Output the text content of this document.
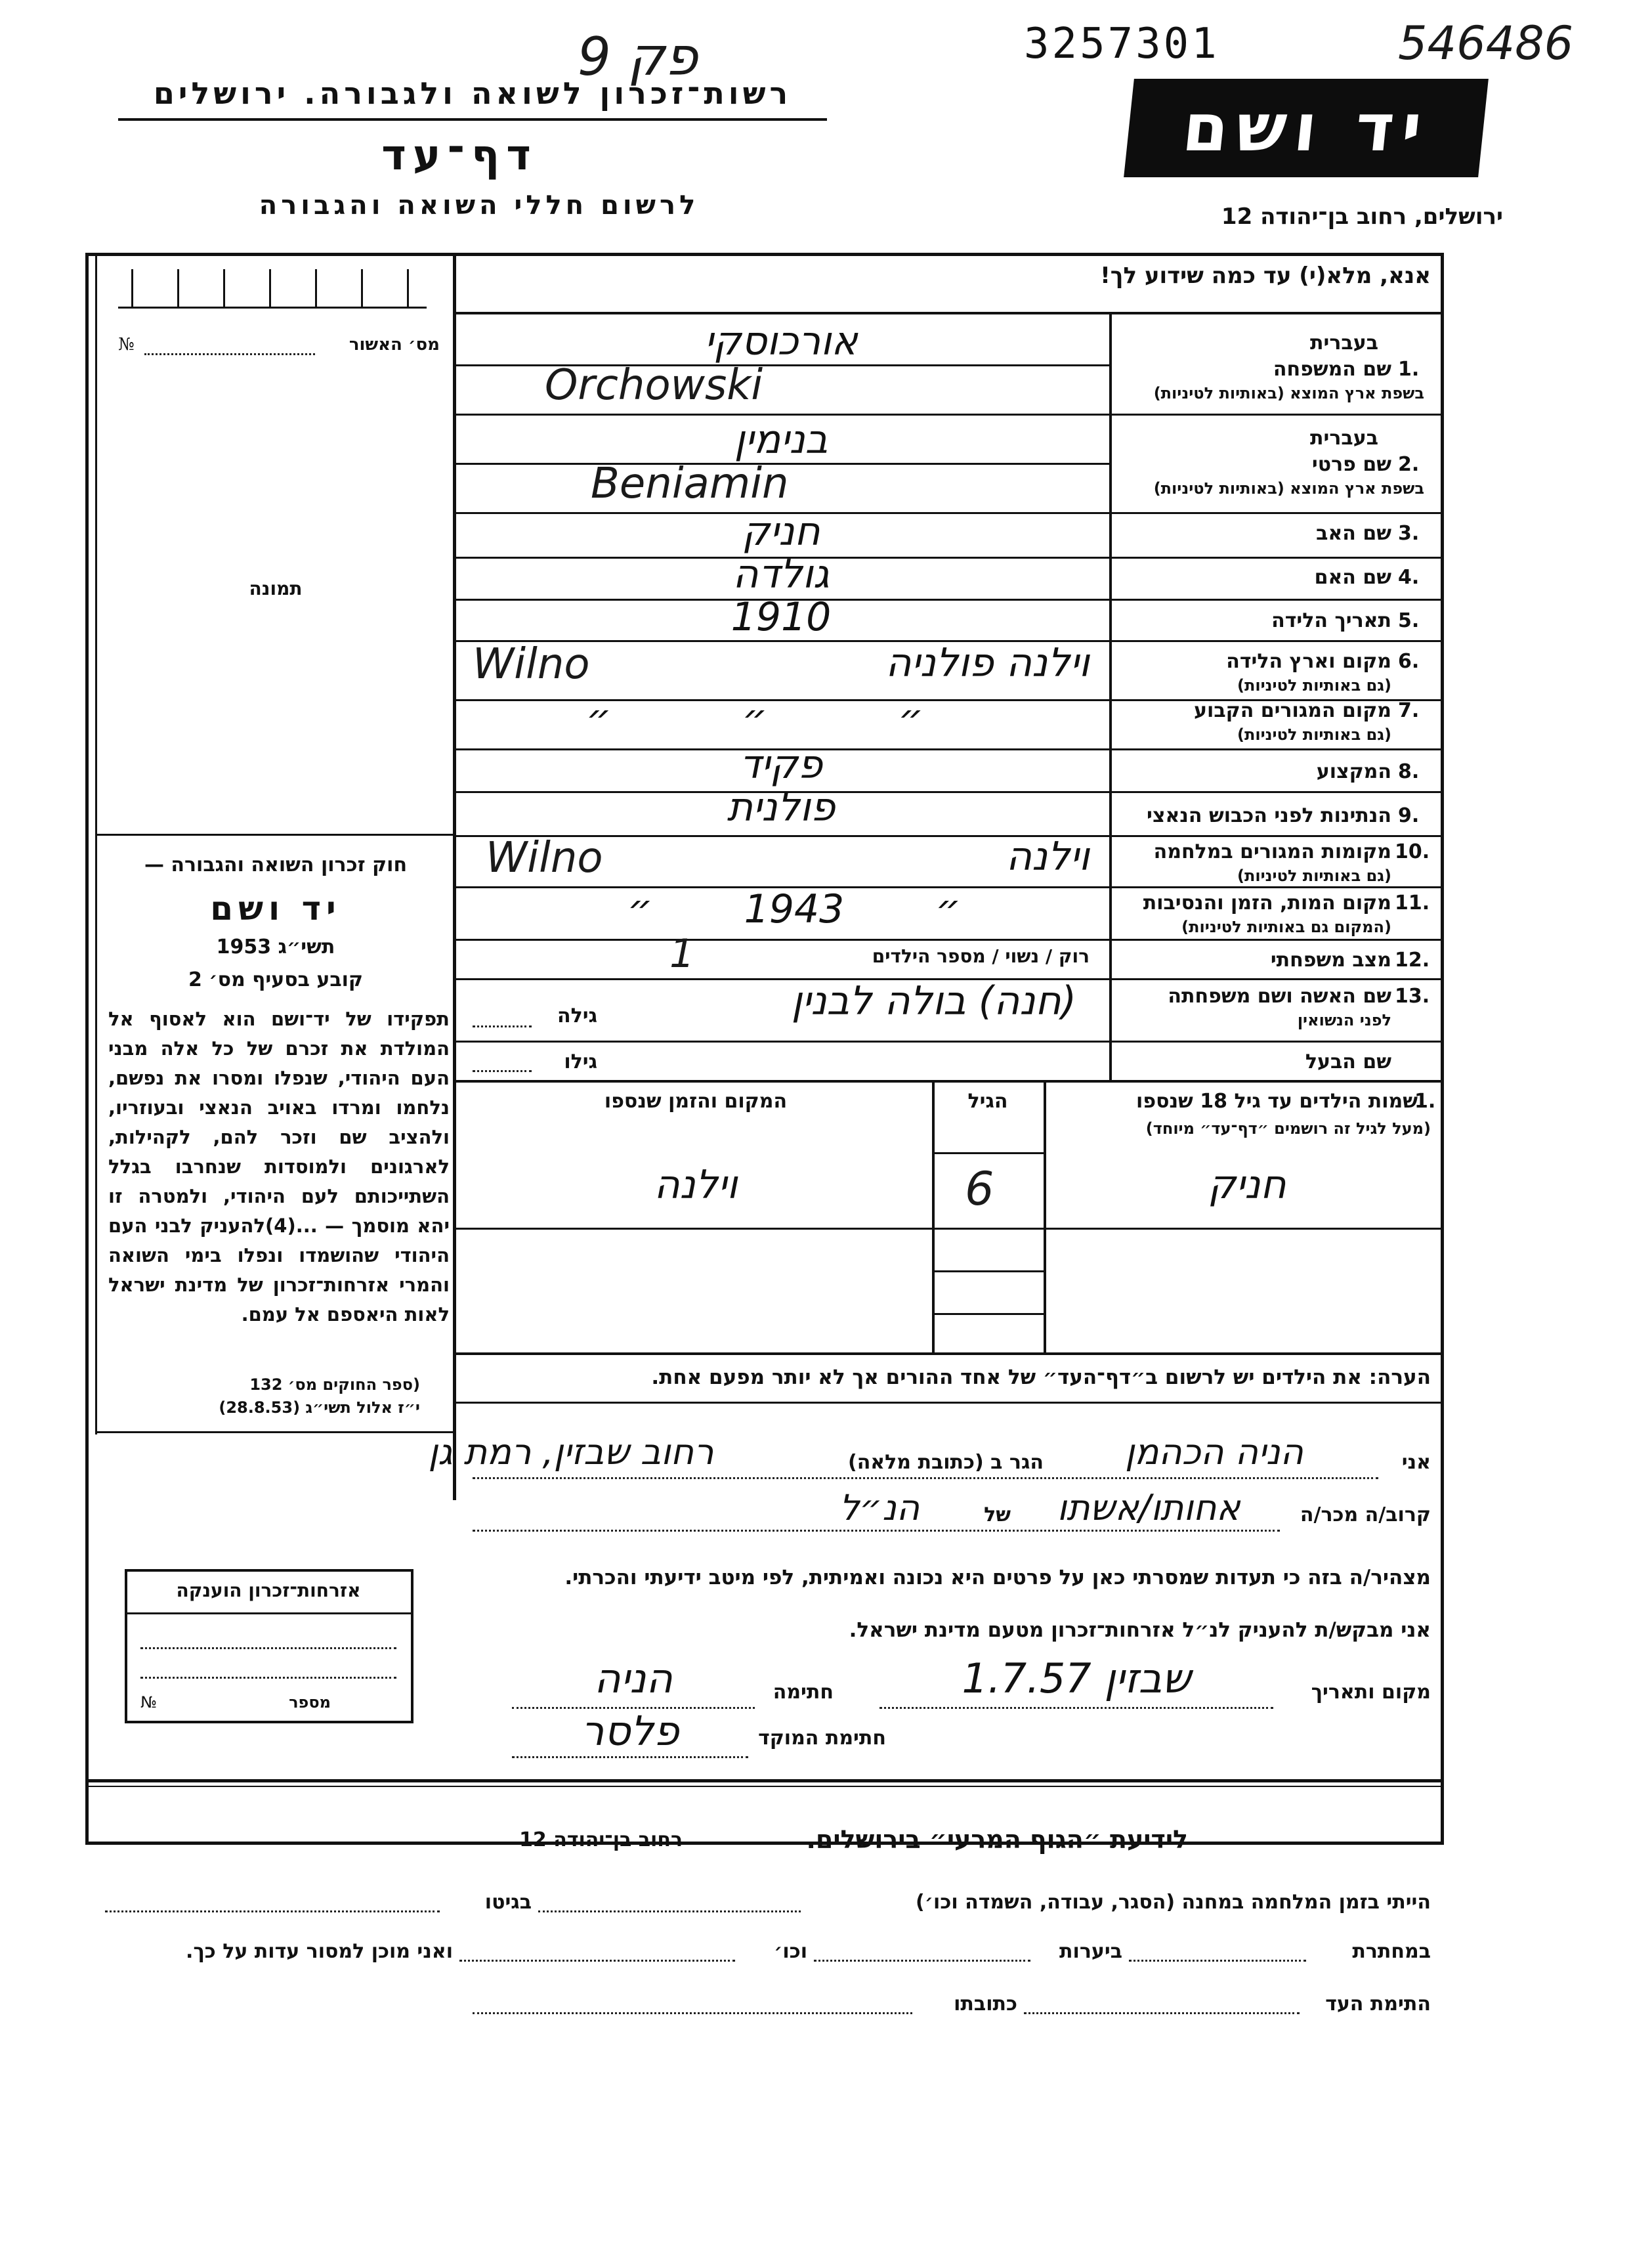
פק 9	3257301	546486
רשות־זכרון לשואה ולגבורה. ירושלים
דף־עד
לרשום חללי השואה והגבורה
יד ושם
ירושלים, רחוב בן־יהודה 12
אנא, מלא(י) עד כמה שידוע לך!
מס׳ האשור
№
תמונה
חוק זכרון השואה והגבורה —
יד ושם
תשי״ג 1953
קובע בסעיף מס׳ 2
תפקידו של יד־ושם הוא לאסוף אל המולדת את זכרם של כל אלה מבני העם היהודי, שנפלו ומסרו את נפשם, נלחמו ומרדו באויב הנאצי ובעוזריו, ולהציב שם וזכר להם, לקהילות, לארגונים ולמוסדות שנחרבו בגלל השתייכותם לעם היהודי, ולמטרה זו יהא מוסמך — ...(4)להעניק לבני העם היהודי שהושמדו ונפלו בימי השואה והמרי אזרחות־זכרון של מדינת ישראל לאות היאספם אל עמם.
(ספר החוקים מס׳ 132
י״ז אלול תשי״ג (28.8.53)
אזרחות־זכרון הוענקה
מספר
№
1.
בעברית
שם המשפחה
בשפת ארץ המוצא (באותיות לטיניות)
אורכוסקי
Orchowski
2.
בעברית
שם פרטי
בשפת ארץ המוצא (באותיות לטיניות)
בנימין
Beniamin
3.
שם האב
חניק
4.
שם האם
גולדה
5.
תאריך הלידה
1910
6.
מקום וארץ הלידה
(גם באותיות לטיניות)
וילנה פולניה
Wilno
7.
מקום המגורים הקבוע
(גם באותיות לטיניות)
״ ״ ״
8.
המקצוע
פקיד
9.
הנתינות לפני הכבוש הנאצי
פולנית
10.
מקומות המגורים במלחמה
(גם באותיות לטיניות)
וילנה
Wilno
11.
מקום המות, הזמן והנסיבות
(המקום גם באותיות לטיניות)
״ 1943 ״
12.
מצב משפחתי
רוק / נשוי / מספר הילדים
1
13.
שם האשה ושם משפחתה
לפני הנשואין
(חנה) בולה לבנין
גילה
שם הבעל
גילו
1.
שמות הילדים עד גיל 18 שנספו
(מעל לגיל זה רושמים ״דף־עד״ מיוחד)
הגיל
המקום והזמן שנספו
חניק
6
וילנה
הערה: את הילדים יש לרשום ב״דף־העד״ של אחד ההורים אך לא יותר מפעם אחת.
אני
הניה הכהמן
הגר ב (כתובת מלאה)
רחוב שבזין, רמת גן
קרוב/ה מכר/ה
אחותו/אשתו
של
הנ״ל
מצהיר/ה בזה כי תעדות שמסרתי כאן על פרטים היא נכונה ואמיתית, לפי מיטב ידיעתי והכרתי.
אני מבקש/ת להעניק לנ״ל אזרחות־זכרון מטעם מדינת ישראל.
מקום ותאריך
שבזין 1.7.57
חתימה
הניה
חתימת המוקד
פלסר
לידיעת ״הגוף המרעי״ בירושלים.
רחוב בן־יהודה 12
הייתי בזמן המלחמה במחנה (הסגר, עבודה, השמדה וכו׳)
בגיטו
במחתרת
ביערות
וכו׳
ואני מוכן למסור עדות על כך.
התימת העד
כתובתו
